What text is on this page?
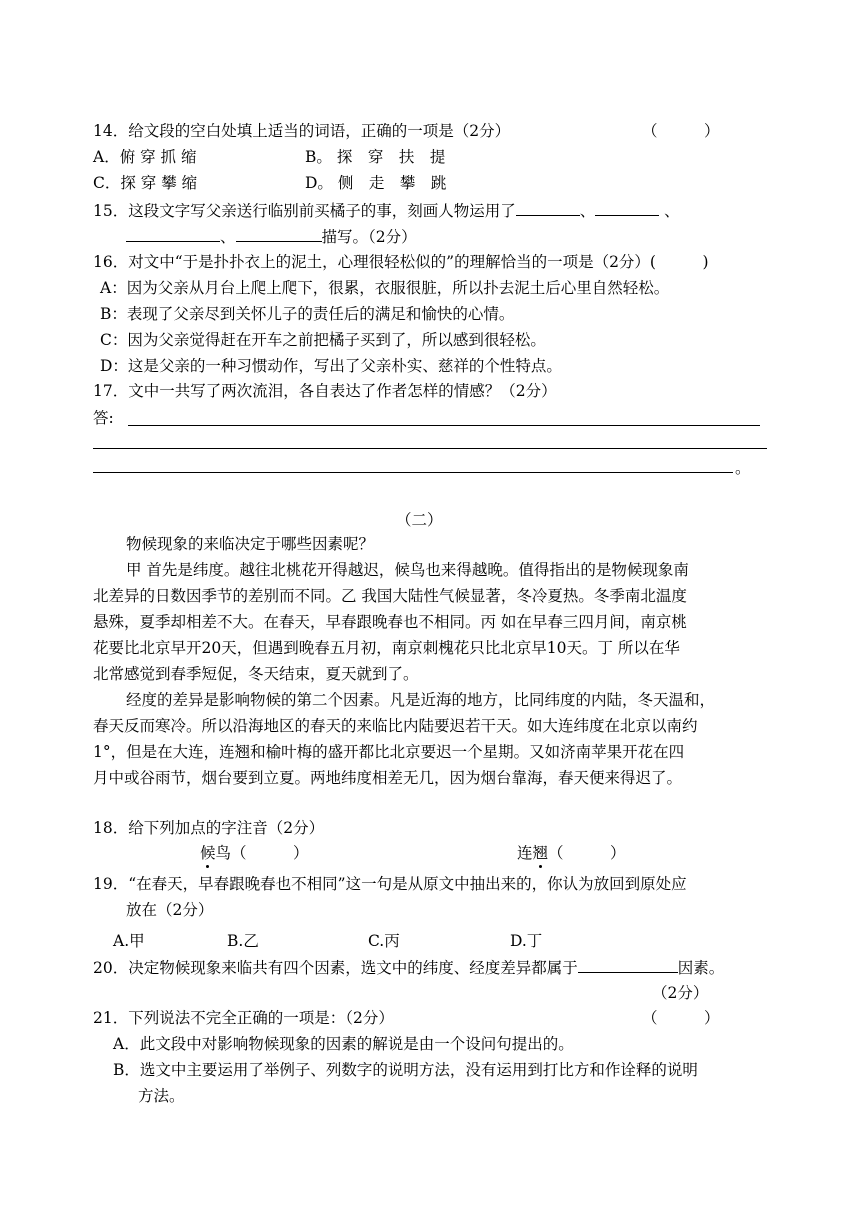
14．给文段的空白处填上适当的词语，正确的一项是（2分）	（　　　）
A．俯 穿 抓 缩	B。 探　穿　扶　提
C．探 穿 攀 缩	D。 侧　走　攀　跳
15．这段文字写父亲送行临别前买橘子的事，刻画人物运用了	、	、
、	描写。（2分）
16．对文中“于是扑扑衣上的泥土，心理很轻松似的”的理解恰当的一项是（2分）(　　　)
A：因为父亲从月台上爬上爬下，很累，衣服很脏，所以扑去泥土后心里自然轻松。
B：表现了父亲尽到关怀儿子的责任后的满足和愉快的心情。
C：因为父亲觉得赶在开车之前把橘子买到了，所以感到很轻松。
D：这是父亲的一种习惯动作，写出了父亲朴实、慈祥的个性特点。
17．文中一共写了两次流泪，各自表达了作者怎样的情感？（2分）
答:
。
（二）
物候现象的来临决定于哪些因素呢？
甲 首先是纬度。越往北桃花开得越迟，候鸟也来得越晚。值得指出的是物候现象南
北差异的日数因季节的差别而不同。乙 我国大陆性气候显著，冬冷夏热。冬季南北温度
悬殊，夏季却相差不大。在春天，早春跟晚春也不相同。丙 如在早春三四月间，南京桃
花要比北京早开20天，但遇到晚春五月初，南京刺槐花只比北京早10天。丁 所以在华
北常感觉到春季短促，冬天结束，夏天就到了。
经度的差异是影响物候的第二个因素。凡是近海的地方，比同纬度的内陆，冬天温和，
春天反而寒冷。所以沿海地区的春天的来临比内陆要迟若干天。如大连纬度在北京以南约
1°，但是在大连，连翘和榆叶梅的盛开都比北京要迟一个星期。又如济南苹果开花在四
月中或谷雨节，烟台要到立夏。两地纬度相差无几，因为烟台靠海，春天便来得迟了。
18．给下列加点的字注音（2分）
候鸟（　　　）	连翘（　　　）
19．“在春天，早春跟晚春也不相同”这一句是从原文中抽出来的，你认为放回到原处应
放在（2分）
A.甲	B.乙	C.丙	D.丁
20．决定物候现象来临共有四个因素，选文中的纬度、经度差异都属于	因素。
（2分）
21．下列说法不完全正确的一项是：（2分）	（　　　）
A．此文段中对影响物候现象的因素的解说是由一个设问句提出的。
B．选文中主要运用了举例子、列数字的说明方法，没有运用到打比方和作诠释的说明
方法。
